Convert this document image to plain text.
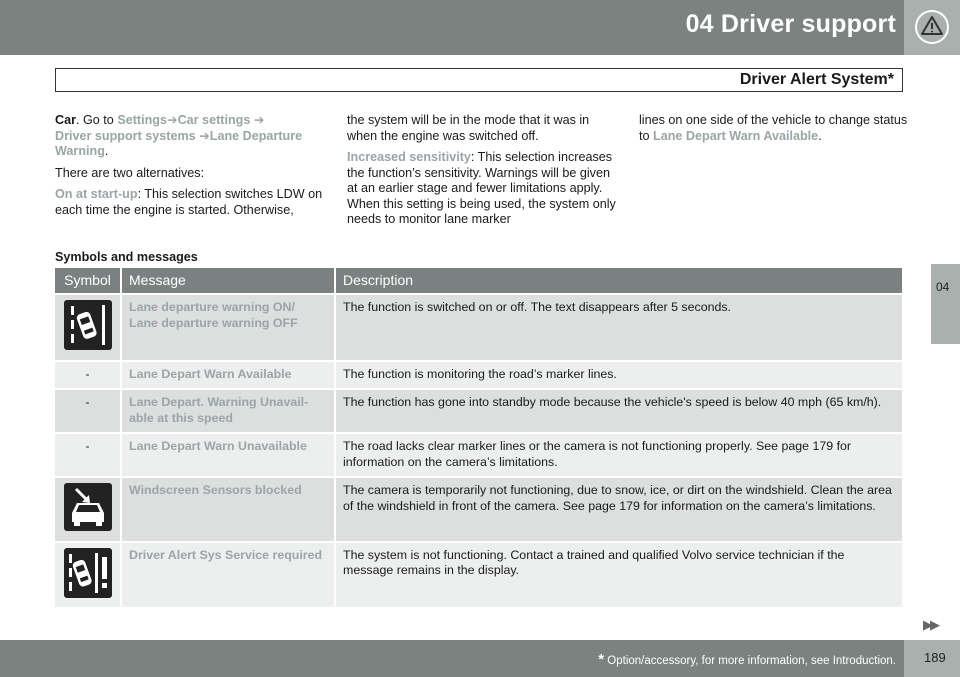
04 Driver support
Driver Alert System*
04

Car. Go to Settings➔Car settings ➔
Driver support systems ➔Lane Departure Warning.

There are two alternatives:

On at start-up: This selection switches LDW on each time the engine is started. Otherwise,

the system will be in the mode that it was in when the engine was switched off.

Increased sensitivity: This selection increases the function’s sensitivity. Warnings will be given at an earlier stage and fewer limitations apply. When this setting is being used, the system only needs to monitor lane marker

lines on one side of the vehicle to change status to Lane Depart Warn Available.

Symbols and messages
Symbol	Message	Description
	Lane departure warning ON/ Lane departure warning OFF	The function is switched on or off. The text disappears after 5 seconds.
-	Lane Depart Warn Available	The function is monitoring the road’s marker lines.
-	Lane Depart. Warning Unavailable at this speed	The function has gone into standby mode because the vehicle's speed is below 40 mph (65 km/h).
-	Lane Depart Warn Unavailable	The road lacks clear marker lines or the camera is not functioning properly. See page 179 for information on the camera’s limitations.
	Windscreen Sensors blocked	The camera is temporarily not functioning, due to snow, ice, or dirt on the windshield. Clean the area of the windshield in front of the camera. See page 179 for information on the camera’s limitations.
	Driver Alert Sys Service required	The system is not functioning. Contact a trained and qualified Volvo service technician if the message remains in the display.
▶▶
* Option/accessory, for more information, see Introduction. 189
